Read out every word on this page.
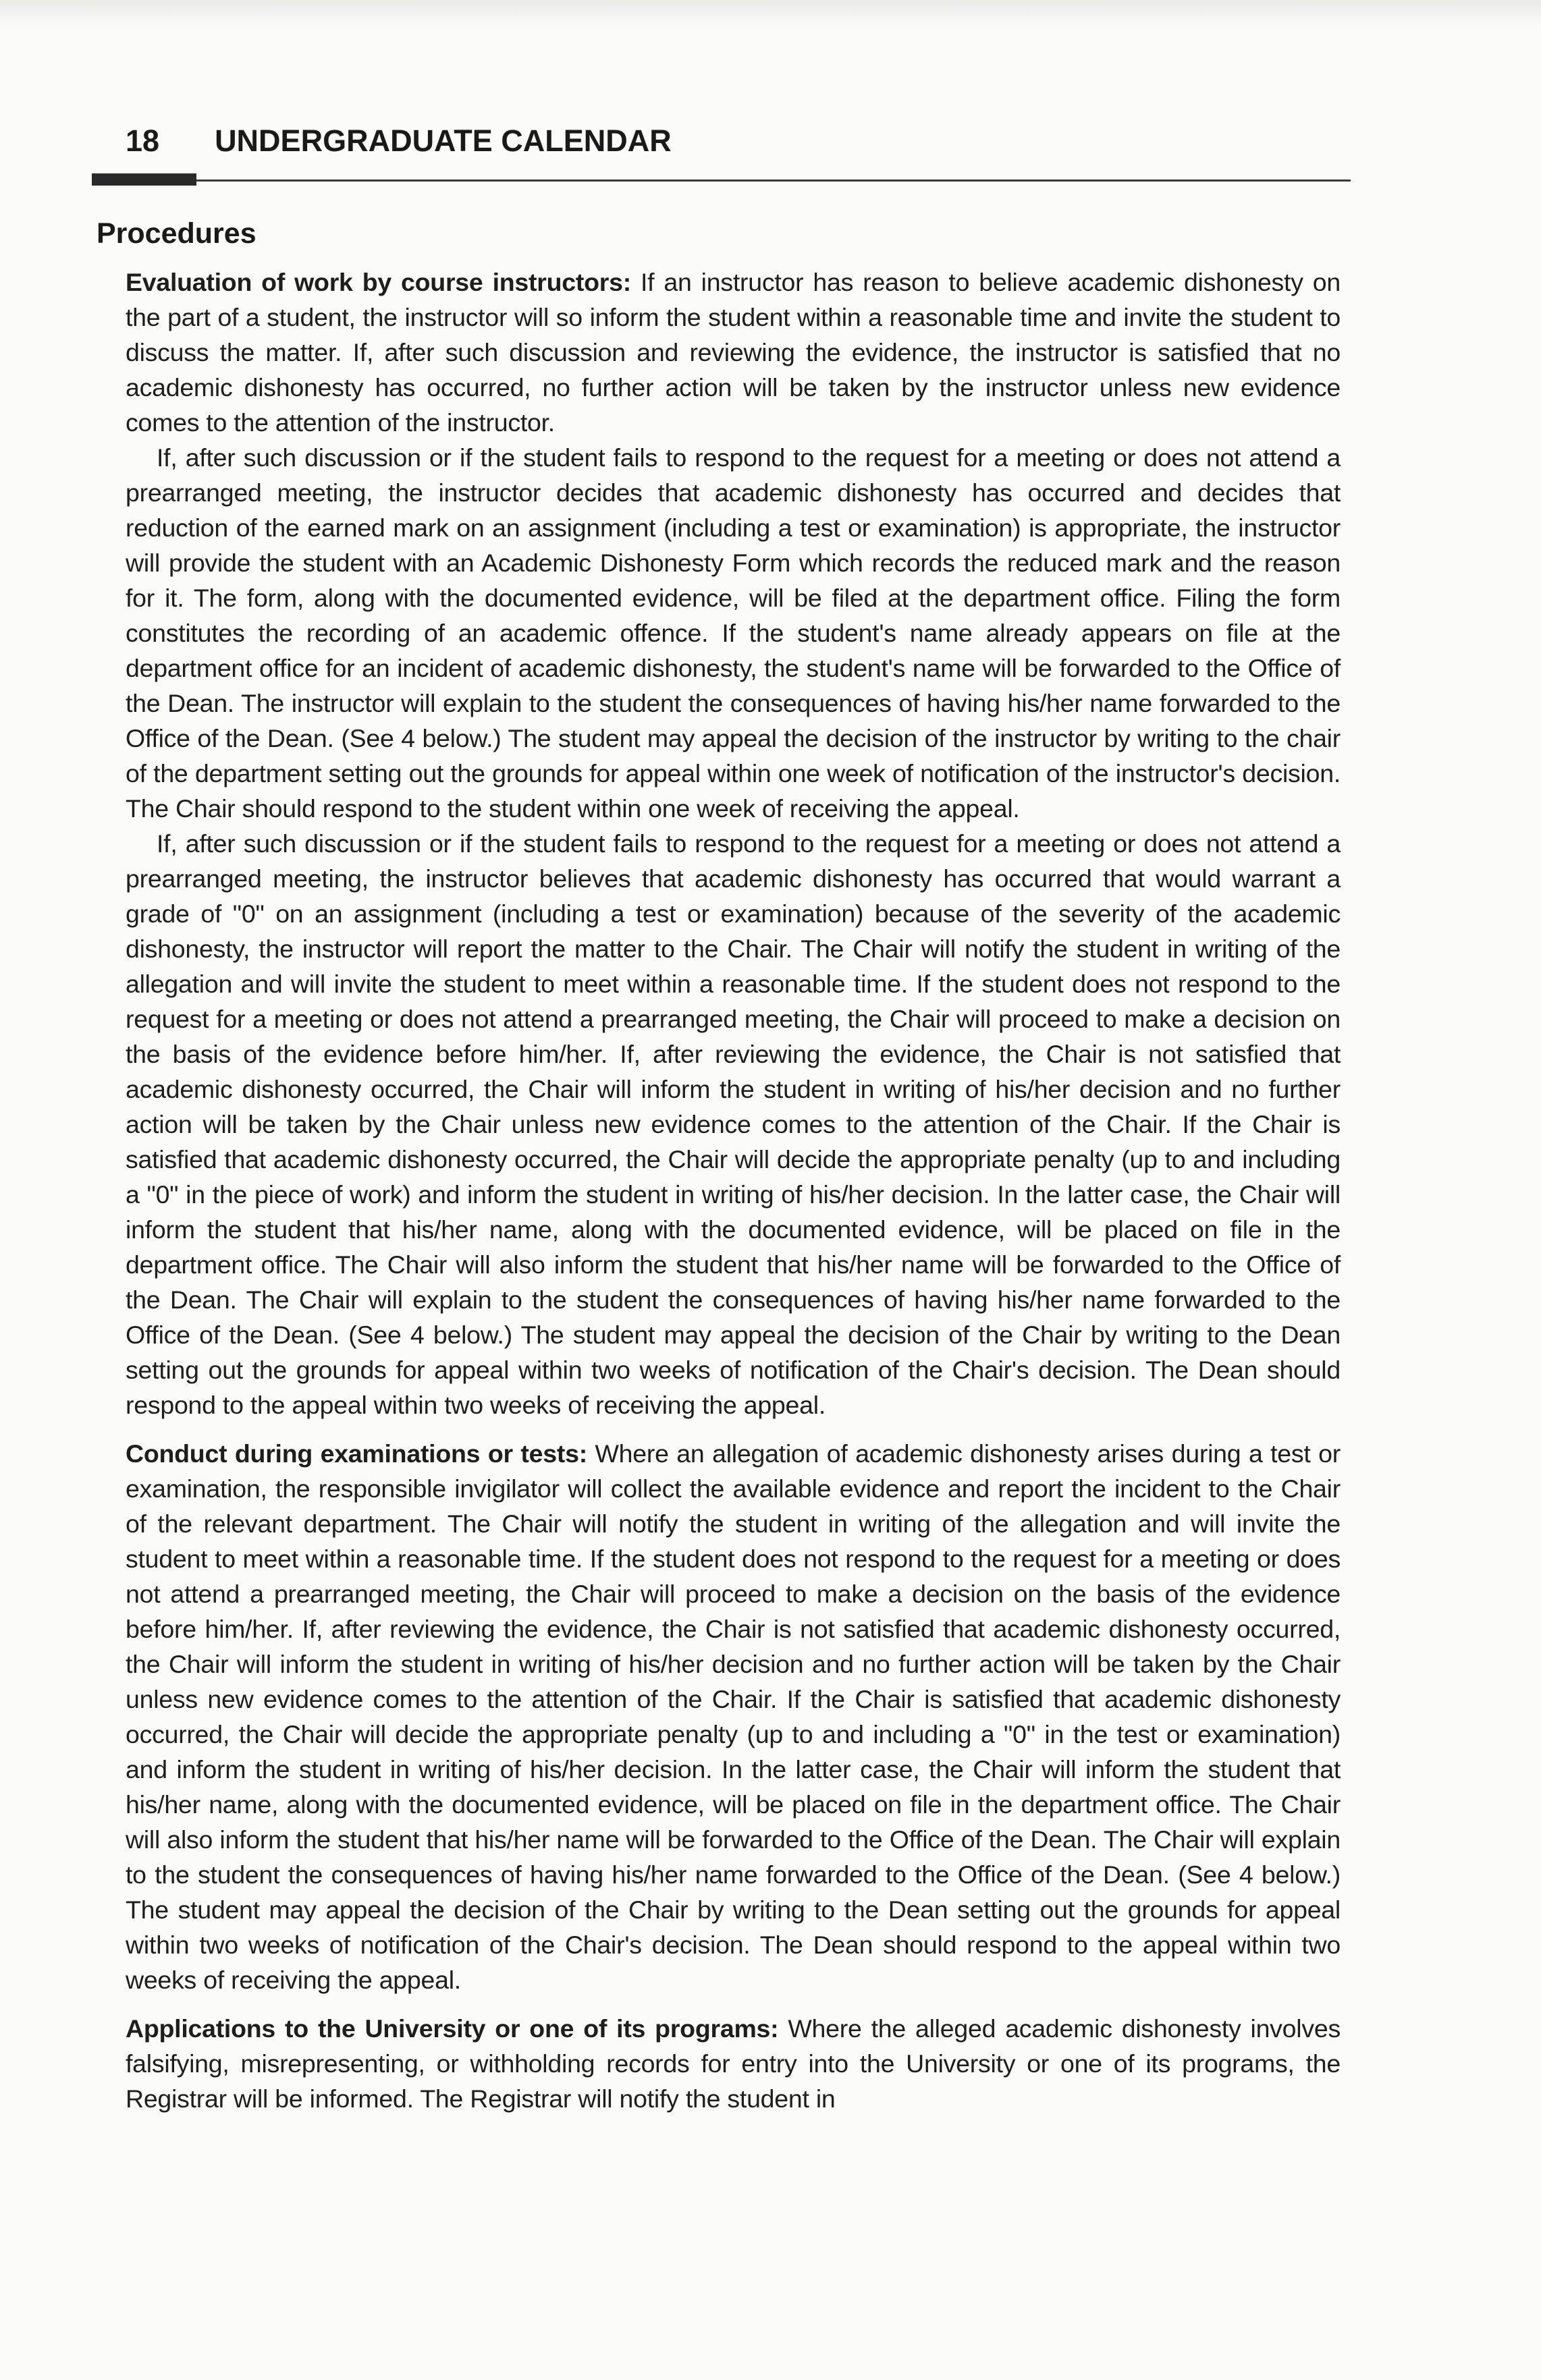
18 UNDERGRADUATE CALENDAR
Procedures

Evaluation of work by course instructors: If an instructor has reason to believe academic dishonesty on the part of a student, the instructor will so inform the student within a reasonable time and invite the student to discuss the matter. If, after such discussion and reviewing the evidence, the instructor is satisfied that no academic dishonesty has occurred, no further action will be taken by the instructor unless new evidence comes to the attention of the instructor.

If, after such discussion or if the student fails to respond to the request for a meeting or does not attend a prearranged meeting, the instructor decides that academic dishonesty has occurred and decides that reduction of the earned mark on an assignment (including a test or examination) is appropriate, the instructor will provide the student with an Academic Dishonesty Form which records the reduced mark and the reason for it. The form, along with the documented evidence, will be filed at the department office. Filing the form constitutes the recording of an academic offence. If the student's name already appears on file at the department office for an incident of academic dishonesty, the student's name will be forwarded to the Office of the Dean. The instructor will explain to the student the consequences of having his/her name forwarded to the Office of the Dean. (See 4 below.) The student may appeal the decision of the instructor by writing to the chair of the department setting out the grounds for appeal within one week of notification of the instructor's decision. The Chair should respond to the student within one week of receiving the appeal.

If, after such discussion or if the student fails to respond to the request for a meeting or does not attend a prearranged meeting, the instructor believes that academic dishonesty has occurred that would warrant a grade of "0" on an assignment (including a test or examination) because of the severity of the academic dishonesty, the instructor will report the matter to the Chair. The Chair will notify the student in writing of the allegation and will invite the student to meet within a reasonable time. If the student does not respond to the request for a meeting or does not attend a prearranged meeting, the Chair will proceed to make a decision on the basis of the evidence before him/her. If, after reviewing the evidence, the Chair is not satisfied that academic dishonesty occurred, the Chair will inform the student in writing of his/her decision and no further action will be taken by the Chair unless new evidence comes to the attention of the Chair. If the Chair is satisfied that academic dishonesty occurred, the Chair will decide the appropriate penalty (up to and including a "0" in the piece of work) and inform the student in writing of his/her decision. In the latter case, the Chair will inform the student that his/her name, along with the documented evidence, will be placed on file in the department office. The Chair will also inform the student that his/her name will be forwarded to the Office of the Dean. The Chair will explain to the student the consequences of having his/her name forwarded to the Office of the Dean. (See 4 below.) The student may appeal the decision of the Chair by writing to the Dean setting out the grounds for appeal within two weeks of notification of the Chair's decision. The Dean should respond to the appeal within two weeks of receiving the appeal.

Conduct during examinations or tests: Where an allegation of academic dishonesty arises during a test or examination, the responsible invigilator will collect the available evidence and report the incident to the Chair of the relevant department. The Chair will notify the student in writing of the allegation and will invite the student to meet within a reasonable time. If the student does not respond to the request for a meeting or does not attend a prearranged meeting, the Chair will proceed to make a decision on the basis of the evidence before him/her. If, after reviewing the evidence, the Chair is not satisfied that academic dishonesty occurred, the Chair will inform the student in writing of his/her decision and no further action will be taken by the Chair unless new evidence comes to the attention of the Chair. If the Chair is satisfied that academic dishonesty occurred, the Chair will decide the appropriate penalty (up to and including a "0" in the test or examination) and inform the student in writing of his/her decision. In the latter case, the Chair will inform the student that his/her name, along with the documented evidence, will be placed on file in the department office. The Chair will also inform the student that his/her name will be forwarded to the Office of the Dean. The Chair will explain to the student the consequences of having his/her name forwarded to the Office of the Dean. (See 4 below.) The student may appeal the decision of the Chair by writing to the Dean setting out the grounds for appeal within two weeks of notification of the Chair's decision. The Dean should respond to the appeal within two weeks of receiving the appeal.

Applications to the University or one of its programs: Where the alleged academic dishonesty involves falsifying, misrepresenting, or withholding records for entry into the University or one of its programs, the Registrar will be informed. The Registrar will notify the student in
